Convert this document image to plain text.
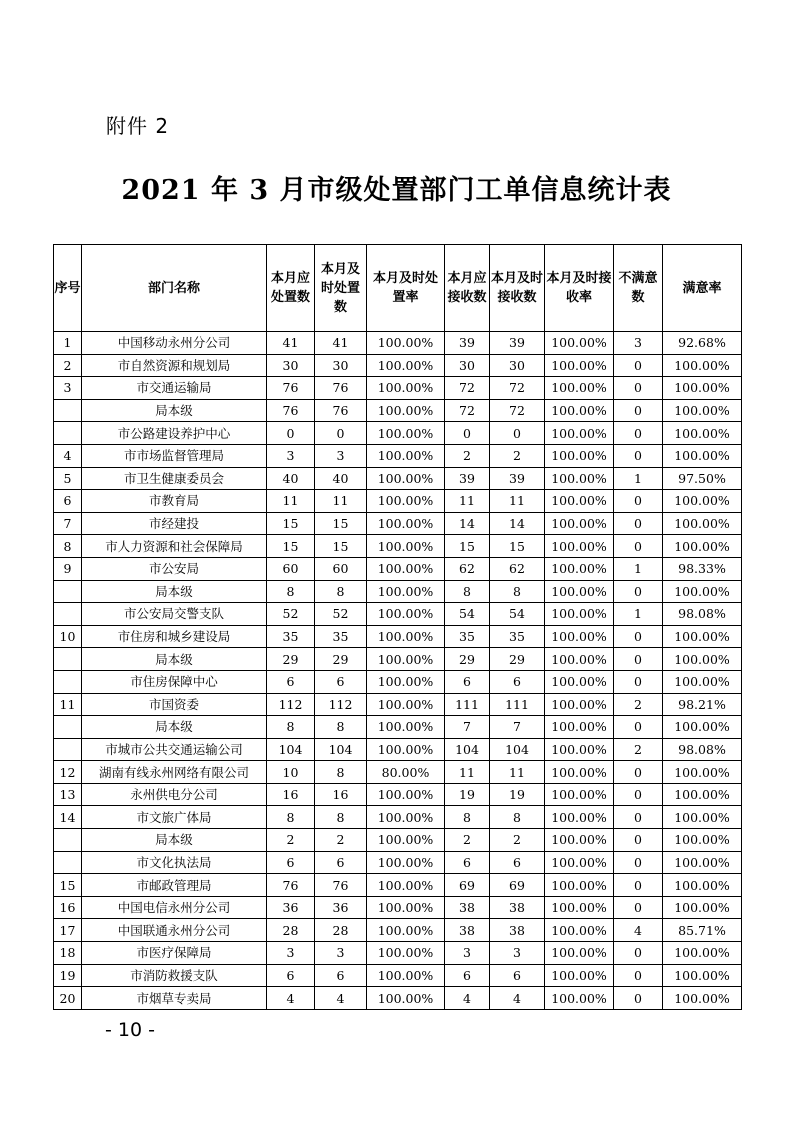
附件 2
2021 年 3 月市级处置部门工单信息统计表
序号	部门名称	本月应处置数	本月及时处置数	本月及时处置率	本月应接收数	本月及时接收数	本月及时接收率	不满意数	满意率
1	中国移动永州分公司	41	41	100.00%	39	39	100.00%	3	92.68%
2	市自然资源和规划局	30	30	100.00%	30	30	100.00%	0	100.00%
3	市交通运输局	76	76	100.00%	72	72	100.00%	0	100.00%
	局本级	76	76	100.00%	72	72	100.00%	0	100.00%
	市公路建设养护中心	0	0	100.00%	0	0	100.00%	0	100.00%
4	市市场监督管理局	3	3	100.00%	2	2	100.00%	0	100.00%
5	市卫生健康委员会	40	40	100.00%	39	39	100.00%	1	97.50%
6	市教育局	11	11	100.00%	11	11	100.00%	0	100.00%
7	市经建投	15	15	100.00%	14	14	100.00%	0	100.00%
8	市人力资源和社会保障局	15	15	100.00%	15	15	100.00%	0	100.00%
9	市公安局	60	60	100.00%	62	62	100.00%	1	98.33%
	局本级	8	8	100.00%	8	8	100.00%	0	100.00%
	市公安局交警支队	52	52	100.00%	54	54	100.00%	1	98.08%
10	市住房和城乡建设局	35	35	100.00%	35	35	100.00%	0	100.00%
	局本级	29	29	100.00%	29	29	100.00%	0	100.00%
	市住房保障中心	6	6	100.00%	6	6	100.00%	0	100.00%
11	市国资委	112	112	100.00%	111	111	100.00%	2	98.21%
	局本级	8	8	100.00%	7	7	100.00%	0	100.00%
	市城市公共交通运输公司	104	104	100.00%	104	104	100.00%	2	98.08%
12	湖南有线永州网络有限公司	10	8	80.00%	11	11	100.00%	0	100.00%
13	永州供电分公司	16	16	100.00%	19	19	100.00%	0	100.00%
14	市文旅广体局	8	8	100.00%	8	8	100.00%	0	100.00%
	局本级	2	2	100.00%	2	2	100.00%	0	100.00%
	市文化执法局	6	6	100.00%	6	6	100.00%	0	100.00%
15	市邮政管理局	76	76	100.00%	69	69	100.00%	0	100.00%
16	中国电信永州分公司	36	36	100.00%	38	38	100.00%	0	100.00%
17	中国联通永州分公司	28	28	100.00%	38	38	100.00%	4	85.71%
18	市医疗保障局	3	3	100.00%	3	3	100.00%	0	100.00%
19	市消防救援支队	6	6	100.00%	6	6	100.00%	0	100.00%
20	市烟草专卖局	4	4	100.00%	4	4	100.00%	0	100.00%
- 10 -
